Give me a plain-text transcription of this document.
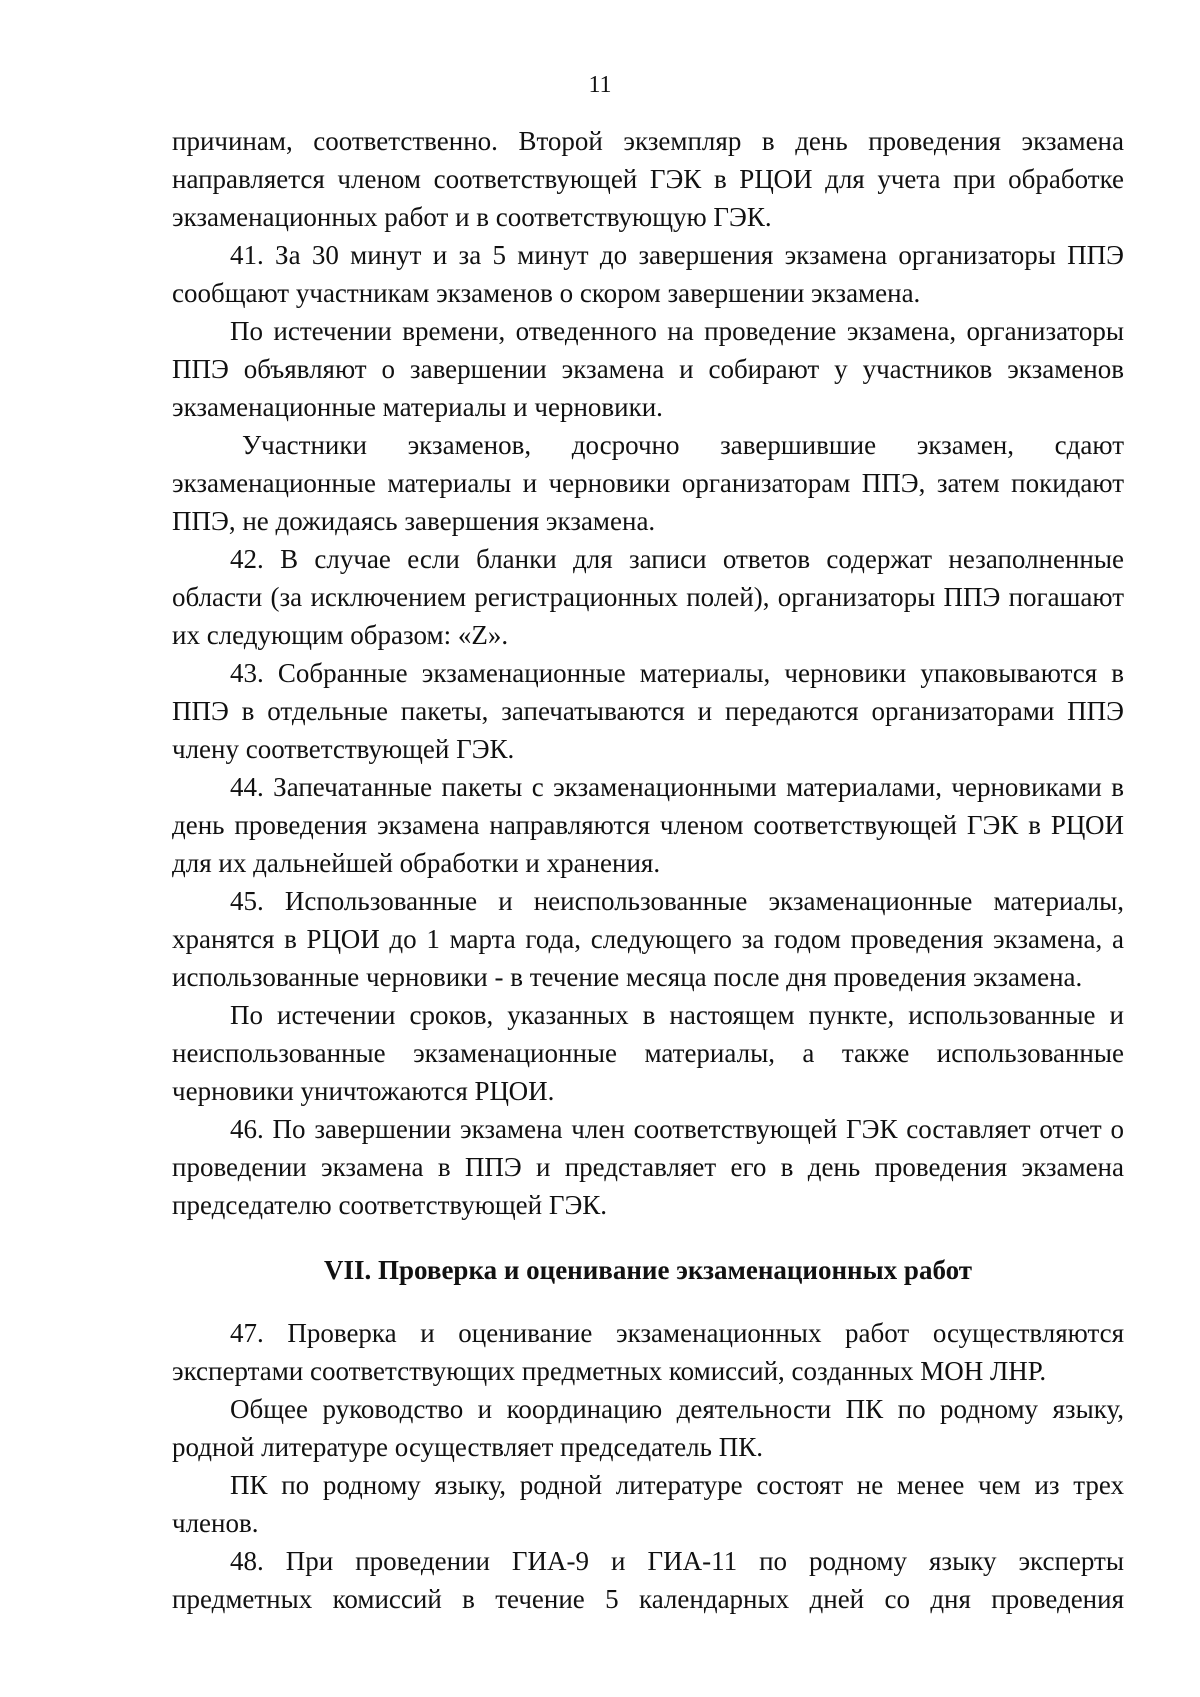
11

причинам, соответственно. Второй экземпляр в день проведения экзамена направляется членом соответствующей ГЭК в РЦОИ для учета при обработке экзаменационных работ и в соответствующую ГЭК.

41. За 30 минут и за 5 минут до завершения экзамена организаторы ППЭ сообщают участникам экзаменов о скором завершении экзамена.

По истечении времени, отведенного на проведение экзамена, организаторы ППЭ объявляют о завершении экзамена и собирают у участников экзаменов экзаменационные материалы и черновики.

Участники экзаменов, досрочно завершившие экзамен, сдают экзаменационные материалы и черновики организаторам ППЭ, затем покидают ППЭ, не дожидаясь завершения экзамена.

42. В случае если бланки для записи ответов содержат незаполненные области (за исключением регистрационных полей), организаторы ППЭ погашают их следующим образом: «Z».

43. Собранные экзаменационные материалы, черновики упаковываются в ППЭ в отдельные пакеты, запечатываются и передаются организаторами ППЭ члену соответствующей ГЭК.

44. Запечатанные пакеты с экзаменационными материалами, черновиками в день проведения экзамена направляются членом соответствующей ГЭК в РЦОИ для их дальнейшей обработки и хранения.

45. Использованные и неиспользованные экзаменационные материалы, хранятся в РЦОИ до 1 марта года, следующего за годом проведения экзамена, а использованные черновики - в течение месяца после дня проведения экзамена.

По истечении сроков, указанных в настоящем пункте, использованные и неиспользованные экзаменационные материалы, а также использованные черновики уничтожаются РЦОИ.

46. По завершении экзамена член соответствующей ГЭК составляет отчет о проведении экзамена в ППЭ и представляет его в день проведения экзамена председателю соответствующей ГЭК.

VII. Проверка и оценивание экзаменационных работ

47. Проверка и оценивание экзаменационных работ осуществляются экспертами соответствующих предметных комиссий, созданных МОН ЛНР.

Общее руководство и координацию деятельности ПК по родному языку, родной литературе осуществляет председатель ПК.

ПК по родному языку, родной литературе состоят не менее чем из трех членов.

48. При проведении ГИА-9 и ГИА-11 по родному языку эксперты предметных комиссий в течение 5 календарных дней со дня проведения
